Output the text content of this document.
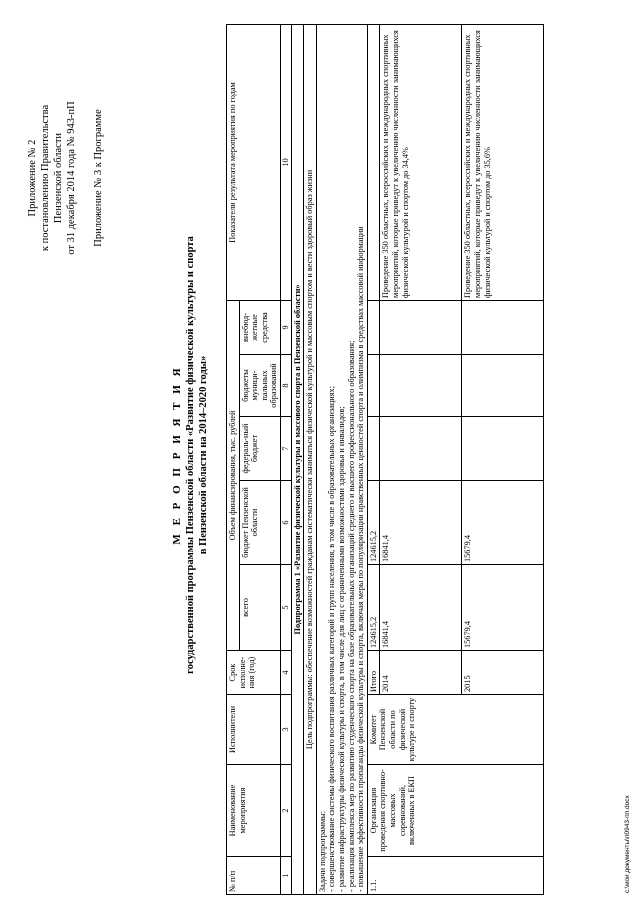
Приложение № 2 к постановлению Правительства Пензенской области от 31 декабря 2014 года № 943-пП Приложение № 3 к Программе
М Е Р О П Р И Я Т И Я государственной программы Пензенской области «Развитие физической культуры и спорта в Пензенской области на 2014–2020 годы»
№ п/п	Наименование мероприятия	Исполнители	Срок исполне-ния (год)	Объем финансирования, тыс. рублей					Показатели результата мероприятия по годам
				всего	бюджет Пензенской области	федераль-ный бюджет	бюджеты муници-пальных образований	внебюд-жетные средства	
1	2	3	4	5	6	7	8	9	10
Подпрограмма 1 «Развитие физической культуры и массового спорта в Пензенской области»									
Цель подпрограммы: обеспечение возможностей гражданам систематически заниматься физической культурой и массовым спортом и вести здоровый образ жизни									

Задачи подпрограммы: - совершенствование системы физического воспитания различных категорий и групп населения, в том числе в образовательных организациях; - развитие инфраструктуры физической культуры и спорта, в том числе для лиц с ограниченными возможностями здоровья и инвалидов; - реализация комплекса мер по развитию студенческого спорта на базе образовательных организаций среднего и высшего профессионального образования; - повышение эффективности пропаганды физической культуры и спорта, включая меры по популяризации нравственных ценностей спорта и олимпизма в средствах массовой информации									

1.1.	Организация проведения спортивно-массовых соревнований, включенных в ЕКП	Комитет Пензенской области по физической культуре и спорту	Итого	124615,2	124615,2				
			2014	16841,4	16841,4				Проведение 350 областных, всероссийских и международных спортивных мероприятий, которые приведут к увеличению численности занимающихся физической культурой и спортом до 34,4%
			2015	15679,4	15679,4				Проведение 350 областных, всероссийских и международных спортивных мероприятий, которые приведут к увеличению численности занимающихся физической культурой и спортом до 35,6%
c:\мои документы\п0943-пп.docx
